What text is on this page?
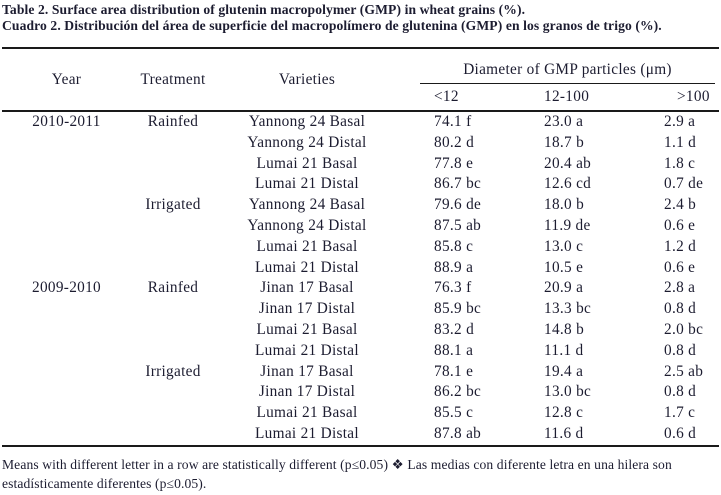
Table 2. Surface area distribution of glutenin macropolymer (GMP) in wheat grains (%).
Cuadro 2. Distribución del área de superficie del macropolímero de glutenina (GMP) en los granos de trigo (%).
Year	Treatment	Varieties	Diameter of GMP particles (μm)		

			<12	12-100	>100
2010-2011	Rainfed	Yannong 24 Basal	74.1 f	23.0 a	2.9 a
		Yannong 24 Distal	80.2 d	18.7 b	1.1 d
		Lumai 21 Basal	77.8 e	20.4 ab	1.8 c
		Lumai 21 Distal	86.7 bc	12.6 cd	0.7 de
	Irrigated	Yannong 24 Basal	79.6 de	18.0 b	2.4 b
		Yannong 24 Distal	87.5 ab	11.9 de	0.6 e
		Lumai 21 Basal	85.8 c	13.0 c	1.2 d
		Lumai 21 Distal	88.9 a	10.5 e	0.6 e
2009-2010	Rainfed	Jinan 17 Basal	76.3 f	20.9 a	2.8 a
		Jinan 17 Distal	85.9 bc	13.3 bc	0.8 d
		Lumai 21 Basal	83.2 d	14.8 b	2.0 bc
		Lumai 21 Distal	88.1 a	11.1 d	0.8 d
	Irrigated	Jinan 17 Basal	78.1 e	19.4 a	2.5 ab
		Jinan 17 Distal	86.2 bc	13.0 bc	0.8 d
		Lumai 21 Basal	85.5 c	12.8 c	1.7 c
		Lumai 21 Distal	87.8 ab	11.6 d	0.6 d
Means with different letter in a row are statistically different (p≤0.05) ❖ Las medias con diferente letra en una hilera son estadísticamente diferentes (p≤0.05).
